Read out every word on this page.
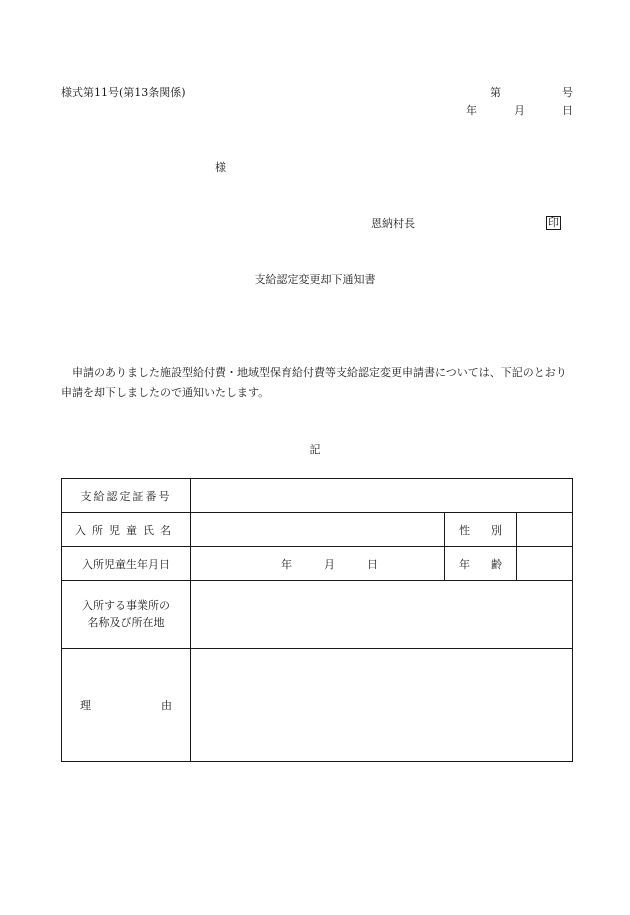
様式第11号(第13条関係)	第	号
年	月	日
様
恩納村長	印
支給認定変更却下通知書
申請のありました施設型給付費・地域型保育給付費等支給認定変更申請書については、下記のとおり申請を却下しましたので通知いたします。
記
支給認定証番号			
入所児童氏名		性 別	

入所児童生年月日	年 月 日	年 齢	

入所する事業所の
名称及び所在地			

理 由			
